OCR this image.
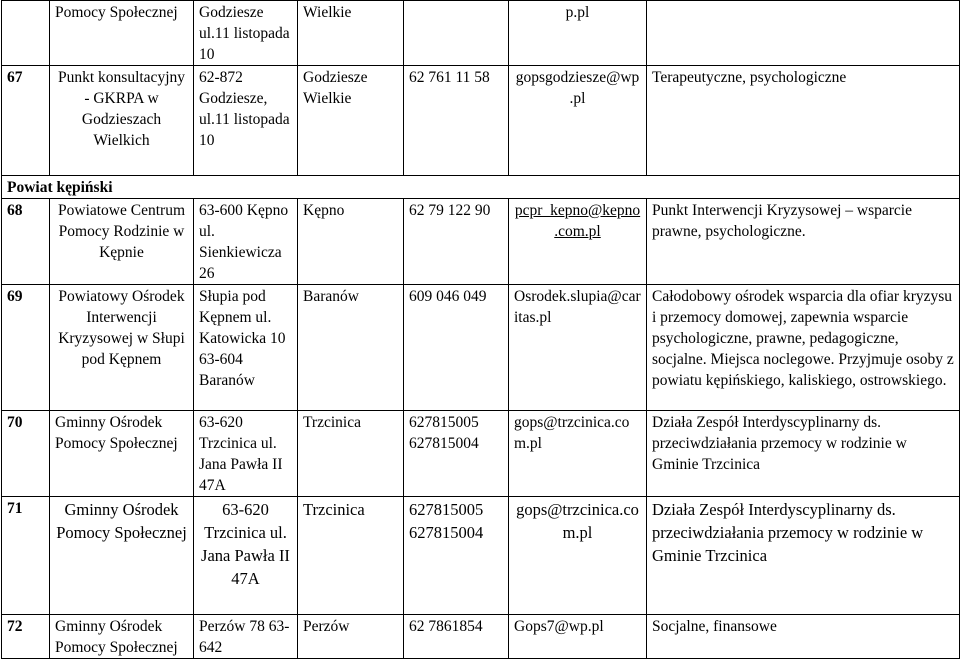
	Pomocy Społecznej	Godziesze ul.11 listopada 10	Wielkie		p.pl	
67	Punkt konsultacyjny - GKRPA w Godzieszach Wielkich	62-872 Godziesze, ul.11 listopada 10	Godziesze Wielkie	62 761 11 58	gopsgodziesze@wp.pl	Terapeutyczne, psychologiczne
Powiat kępiński						
68	Powiatowe Centrum Pomocy Rodzinie w Kępnie	63-600 Kępno ul. Sienkiewicza 26	Kępno	62 79 122 90	pcpr_kepno@kepno.com.pl	Punkt Interwencji Kryzysowej – wsparcie prawne, psychologiczne.
69	Powiatowy Ośrodek Interwencji Kryzysowej w Słupi pod Kępnem	Słupia pod Kępnem ul. Katowicka 10 63-604 Baranów	Baranów	609 046 049	Osrodek.slupia@caritas.pl	Całodobowy ośrodek wsparcia dla ofiar kryzysu i przemocy domowej, zapewnia wsparcie psychologiczne, prawne, pedagogiczne, socjalne. Miejsca noclegowe. Przyjmuje osoby z powiatu kępińskiego, kaliskiego, ostrowskiego.
70	Gminny Ośrodek Pomocy Społecznej	63-620 Trzcinica ul. Jana Pawła II 47A	Trzcinica	627815005 627815004	gops@trzcinica.com.pl	Działa Zespół Interdyscyplinarny ds. przeciwdziałania przemocy w rodzinie w Gminie Trzcinica
71	Gminny Ośrodek Pomocy Społecznej	63-620 Trzcinica ul. Jana Pawła II 47A	Trzcinica	627815005 627815004	gops@trzcinica.com.pl	Działa Zespół Interdyscyplinarny ds. przeciwdziałania przemocy w rodzinie w Gminie Trzcinica
72	Gminny Ośrodek Pomocy Społecznej	Perzów 78 63-642	Perzów	62 7861854	Gops7@wp.pl	Socjalne, finansowe
